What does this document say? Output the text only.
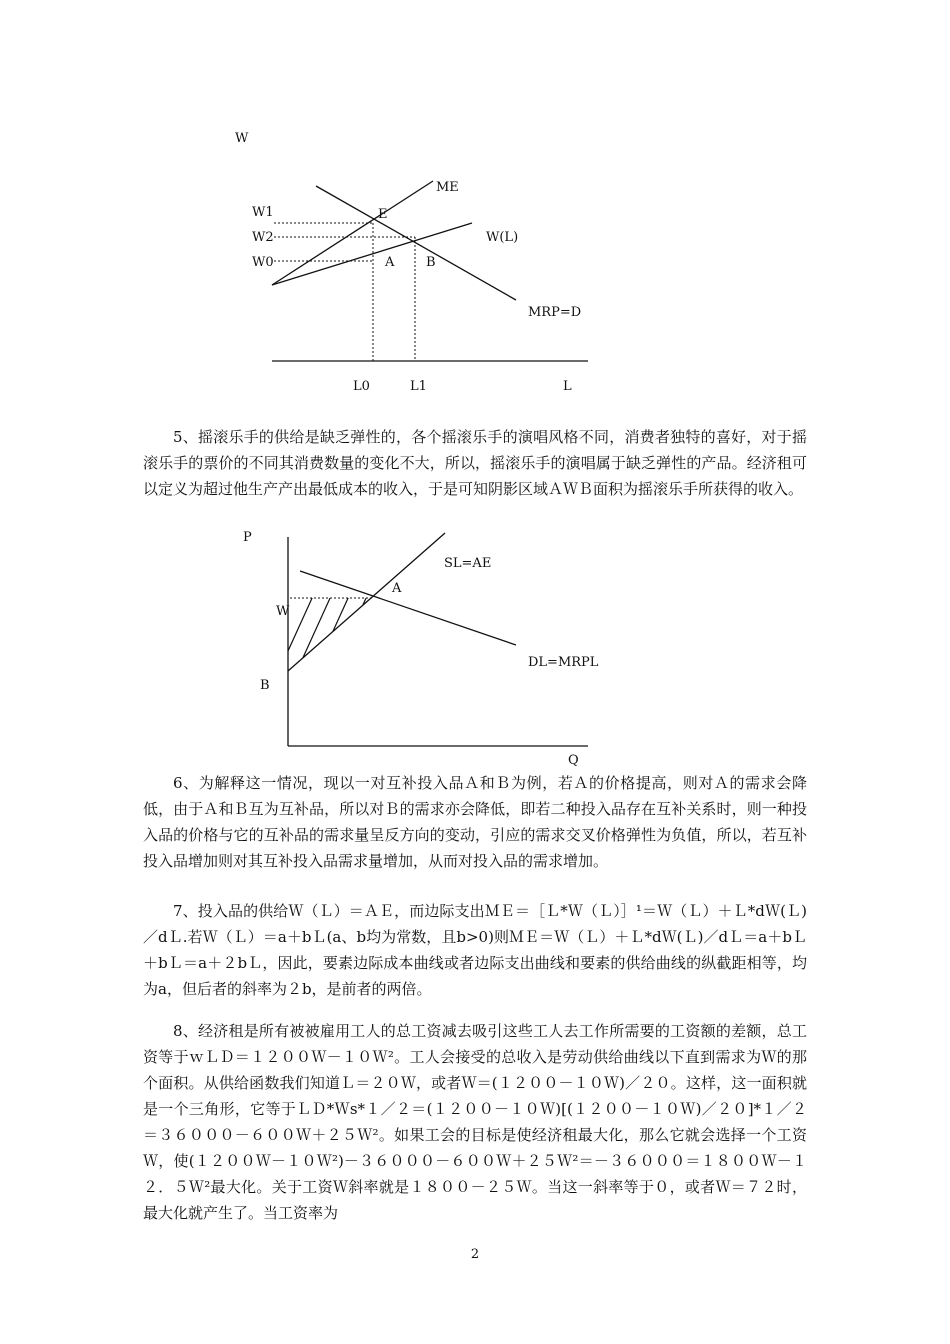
W
W1
W2
W0
ME
E
W(L)
A B
MRP=D
L0	L1	L

5、摇滚乐手的供给是缺乏弹性的，各个摇滚乐手的演唱风格不同，消费者独特的喜好，对于摇滚乐手的票价的不同其消费数量的变化不大，所以，摇滚乐手的演唱属于缺乏弹性的产品。经济租可以定义为超过他生产产出最低成本的收入，于是可知阴影区域ＡＷＢ面积为摇滚乐手所获得的收入。

P
SL=AE
A
W
DL=MRPL
B
Q

6、为解释这一情况，现以一对互补投入品Ａ和Ｂ为例，若Ａ的价格提高，则对Ａ的需求会降低，由于Ａ和Ｂ互为互补品，所以对Ｂ的需求亦会降低，即若二种投入品存在互补关系时，则一种投入品的价格与它的互补品的需求量呈反方向的变动，引应的需求交叉价格弹性为负值，所以，若互补投入品增加则对其互补投入品需求量增加，从而对投入品的需求增加。

7、投入品的供给Ｗ（Ｌ）＝ＡＥ，而边际支出ＭＥ＝［Ｌ*Ｗ（Ｌ）］¹＝Ｗ（Ｌ）＋Ｌ*dＷ(Ｌ)／dＬ.若Ｗ（Ｌ）＝a＋bＬ(a、b均为常数，且b>0)则ＭＥ＝Ｗ（Ｌ）＋Ｌ*dＷ(Ｌ)／dＬ＝a＋bＬ＋bＬ＝a＋２bＬ，因此，要素边际成本曲线或者边际支出曲线和要素的供给曲线的纵截距相等，均为a，但后者的斜率为２b，是前者的两倍。

8、经济租是所有被被雇用工人的总工资减去吸引这些工人去工作所需要的工资额的差额，总工资等于ｗＬＤ＝１２００Ｗ－１０Ｗ²。工人会接受的总收入是劳动供给曲线以下直到需求为Ｗ的那个面积。从供给函数我们知道Ｌ＝２０Ｗ，或者Ｗ＝(１２００－１０Ｗ)／２０。这样，这一面积就是一个三角形，它等于ＬＤ*Ｗs*１／２＝(１２００－１０Ｗ)[(１２００－１０Ｗ)／２０]*１／２＝３６０００－６００Ｗ＋２５Ｗ²。如果工会的目标是使经济租最大化，那么它就会选择一个工资Ｗ，使(１２００Ｗ－１０Ｗ²)－３６０００－６００Ｗ＋２５Ｗ²＝－３６０００＝１８００Ｗ－１２．５Ｗ²最大化。关于工资Ｗ斜率就是１８００－２５Ｗ。当这一斜率等于０，或者Ｗ＝７２时，最大化就产生了。当工资率为

2
